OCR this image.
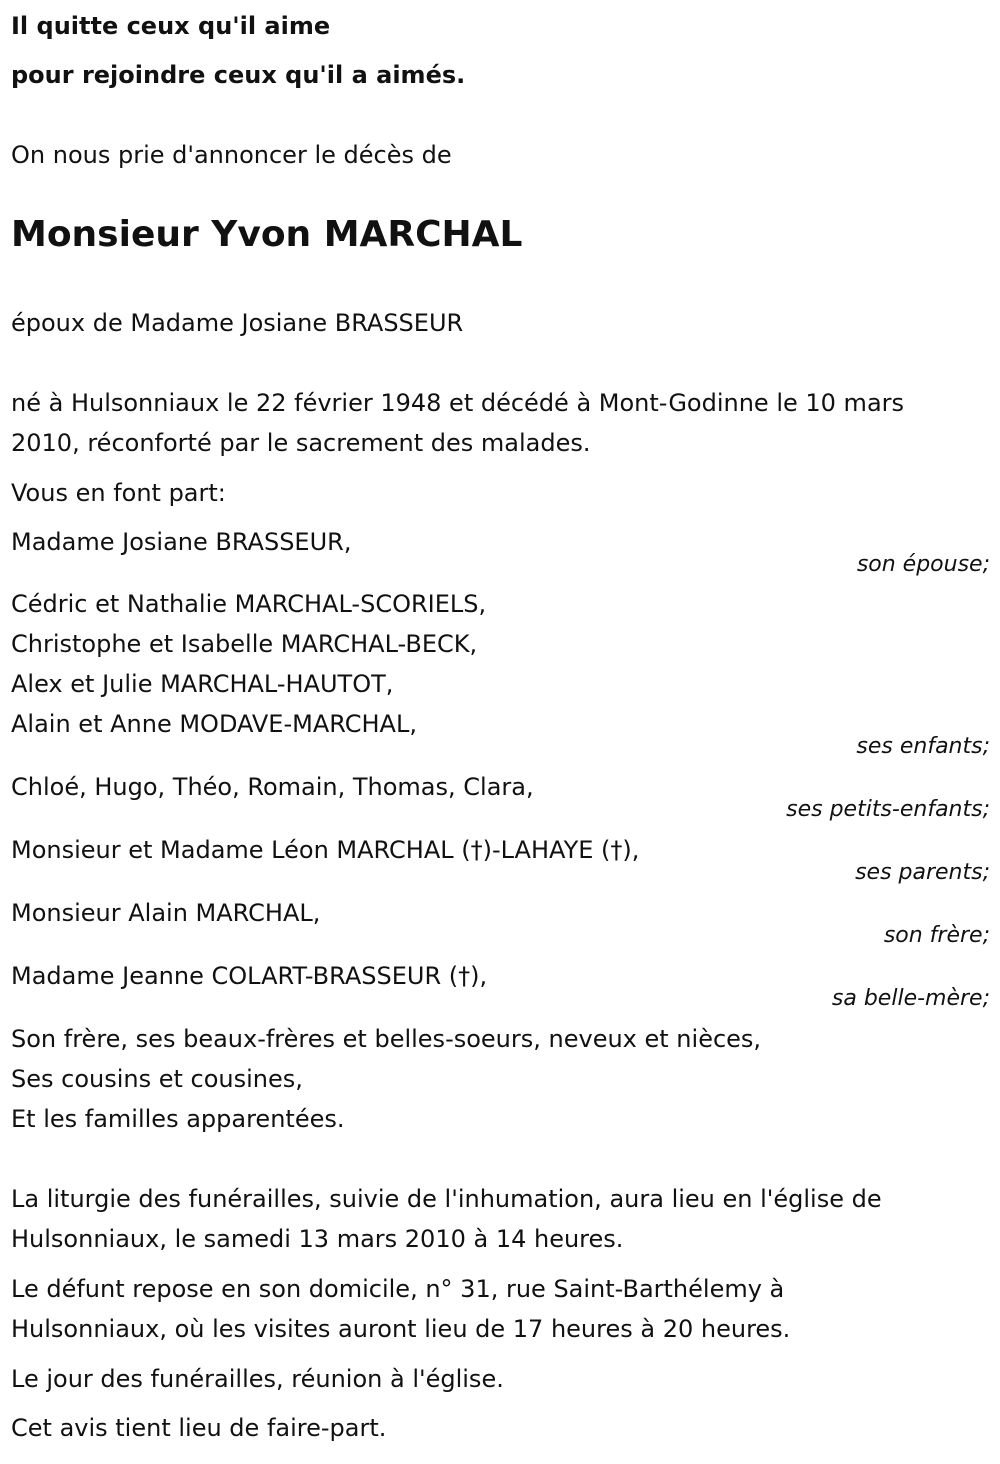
Il quitte ceux qu'il aime
pour rejoindre ceux qu'il a aimés.
On nous prie d'annoncer le décès de
Monsieur Yvon MARCHAL
époux de Madame Josiane BRASSEUR
né à Hulsonniaux le 22 février 1948 et décédé à Mont-Godinne le 10 mars
2010, réconforté par le sacrement des malades.
Vous en font part:
Madame Josiane BRASSEUR,
son épouse;
Cédric et Nathalie MARCHAL-SCORIELS,
Christophe et Isabelle MARCHAL-BECK,
Alex et Julie MARCHAL-HAUTOT,
Alain et Anne MODAVE-MARCHAL,
ses enfants;
Chloé, Hugo, Théo, Romain, Thomas, Clara,
ses petits-enfants;
Monsieur et Madame Léon MARCHAL (†)-LAHAYE (†),
ses parents;
Monsieur Alain MARCHAL,
son frère;
Madame Jeanne COLART-BRASSEUR (†),
sa belle-mère;
Son frère, ses beaux-frères et belles-soeurs, neveux et nièces,
Ses cousins et cousines,
Et les familles apparentées.
La liturgie des funérailles, suivie de l'inhumation, aura lieu en l'église de
Hulsonniaux, le samedi 13 mars 2010 à 14 heures.
Le défunt repose en son domicile, n° 31, rue Saint-Barthélemy à
Hulsonniaux, où les visites auront lieu de 17 heures à 20 heures.
Le jour des funérailles, réunion à l'église.
Cet avis tient lieu de faire-part.
